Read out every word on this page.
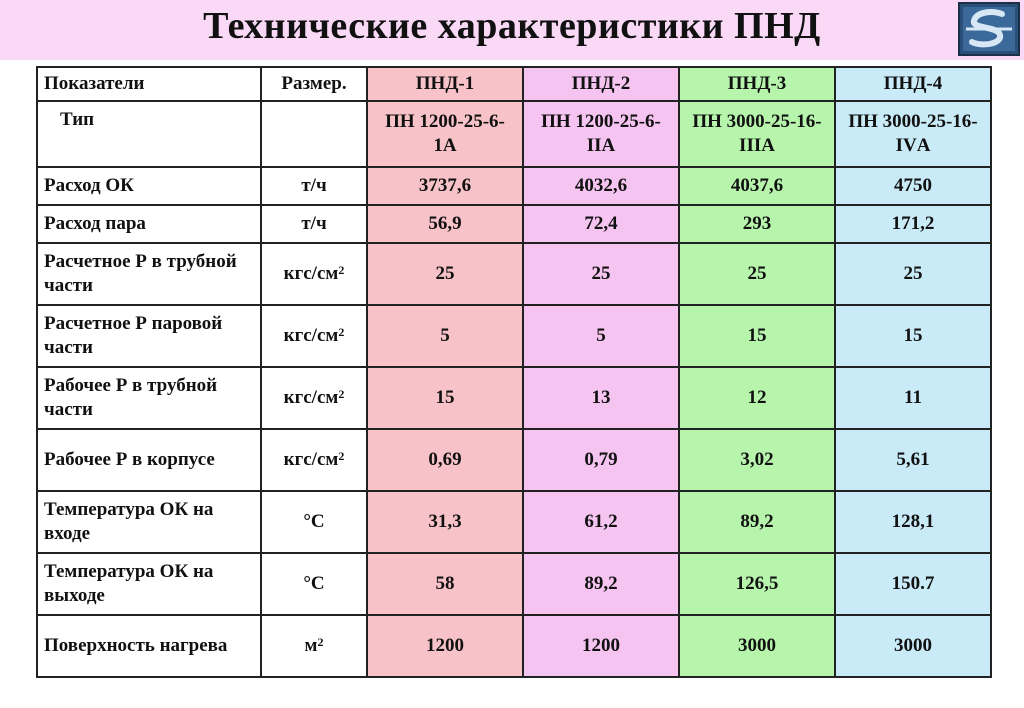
Технические характеристики ПНД
Показатели	Размер.	ПНД-1	ПНД-2	ПНД-3	ПНД-4
Тип		ПН 1200-25-6-1А	ПН 1200-25-6-IIА	ПН 3000-25-16-IIIА	ПН 3000-25-16-IVА
Расход ОК	т/ч	3737,6	4032,6	4037,6	4750
Расход пара	т/ч	56,9	72,4	293	171,2
Расчетное Р в трубной части	кгс/$см^2$	25	25	25	25
Расчетное Р паровой части	кгс/$см^2$	5	5	15	15
Рабочее Р в трубной части	кгс/$см^2$	15	13	12	11
Рабочее Р в корпусе	кгс/$см^2$	0,69	0,79	3,02	5,61
Температура ОК на входе	°С	31,3	61,2	89,2	128,1
Температура ОК на выходе	°С	58	89,2	126,5	150.7
Поверхность нагрева	$м^2$	1200	1200	3000	3000
